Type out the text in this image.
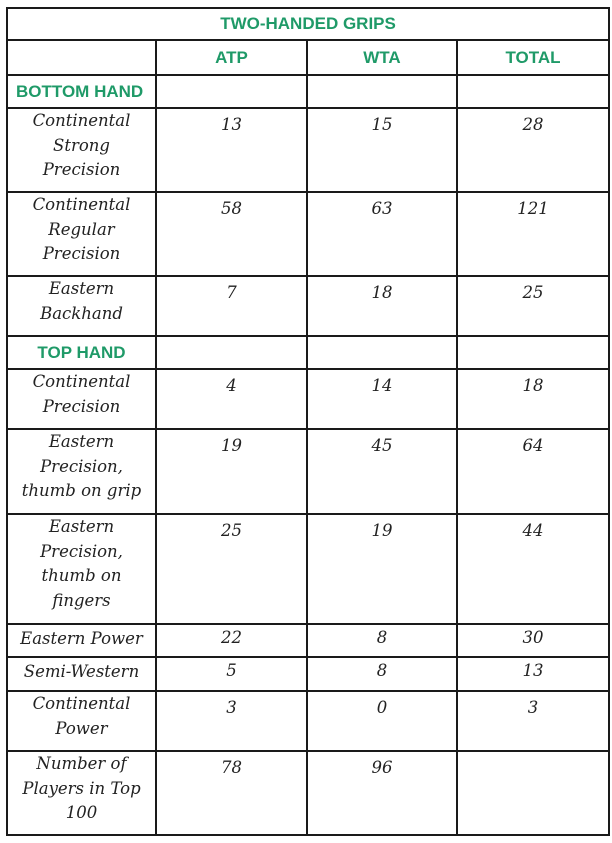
TWO-HANDED GRIPS			
	ATP	WTA	TOTAL
BOTTOM HAND			

Continental
Strong
Precision	13	15	28

Continental
Regular
Precision	58	63	121

Eastern
Backhand	7	18	25
TOP HAND			

Continental
Precision	4	14	18

Eastern
Precision,
thumb on grip	19	45	64

Eastern
Precision,
thumb on
fingers	25	19	44

Eastern Power	22	8	30

Semi-Western	5	8	13

Continental
Power	3	0	3

Number of
Players in Top
100	78	96	
